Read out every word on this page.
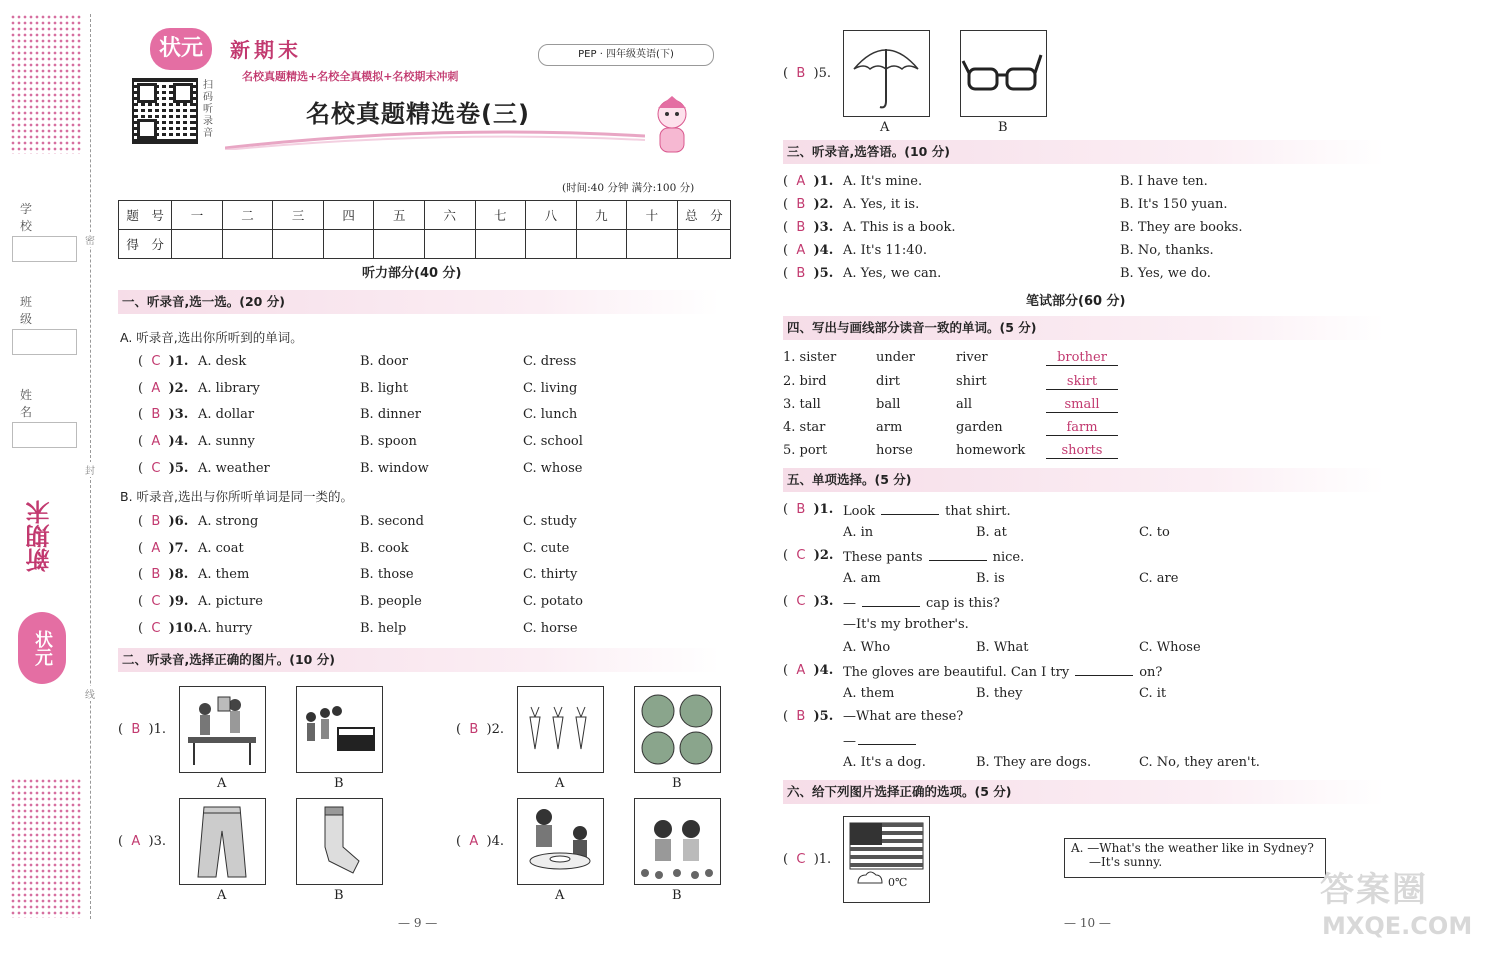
密
封
线
学　校
班　级
姓　名
新期末
状元
状元	新期末
名校真题精选+名校全真模拟+名校期末冲刺
PEP · 四年级英语(下)
扫码听录音
名校真题精选卷(三)
(时间:40 分钟 满分:100 分)
题　号	一	二	三	四	五	六	七	八	九	十	总　分
得　分											
听力部分(40 分)
一、听录音,选一选。(20 分)
A. 听录音,选出你所听到的单词。
B. 听录音,选出与你所听单词是同一类的。
(  C )1. A. desk	B. door	C. dress
(  A )2. A. library	B. light	C. living
(  B )3. A. dollar	B. dinner	C. lunch
(  A )4. A. sunny	B. spoon	C. school
(  C )5. A. weather	B. window	C. whose
(  B )6. A. strong	B. second	C. study
(  A )7. A. coat	B. cook	C. cute
(  B )8. A. them	B. those	C. thirty
(  C )9. A. picture	B. people	C. potato
(  C )10. A. hurry	B. help	C. horse
二、听录音,选择正确的图片。(10 分)
(  B )1.
A	B
(  B )2.
A	B
(  A )3.
A	B
(  A )4.
A	B
— 9 —
(  B )5.
A	B
三、听录音,选答语。(10 分)
(  A )1. A. It's mine.	B. I have ten.
(  B )2. A. Yes, it is.	B. It's 150 yuan.
(  B )3. A. This is a book.	B. They are books.
(  A )4. A. It's 11:40.	B. No, thanks.
(  B )5. A. Yes, we can.	B. Yes, we do.
笔试部分(60 分)
四、写出与画线部分读音一致的单词。(5 分)
1. sister	under	river	brother
2. bird	dirt	shirt	skirt
3. tall	ball	all	small
4. star	arm	garden	farm
5. port	horse	homework	shorts
五、单项选择。(5 分)
(  B )1. Look	that shirt.
A. in	B. at	C. to
(  C )2. These pants	nice.
A. am	B. is	C. are
(  C )3. —	cap is this?
—It's my brother's.
A. Who	B. What	C. Whose
(  A )4. The gloves are beautiful. Can I try	on?
A. them	B. they	C. it
(  B )5. —What are these?
—
A. It's a dog.	B. They are dogs.	C. No, they aren't.
六、给下列图片选择正确的选项。(5 分)
(  C )1.
0℃
A. —What's the weather like in Sydney?
—It's sunny.
— 10 —
答案圈
MXQE.COM
